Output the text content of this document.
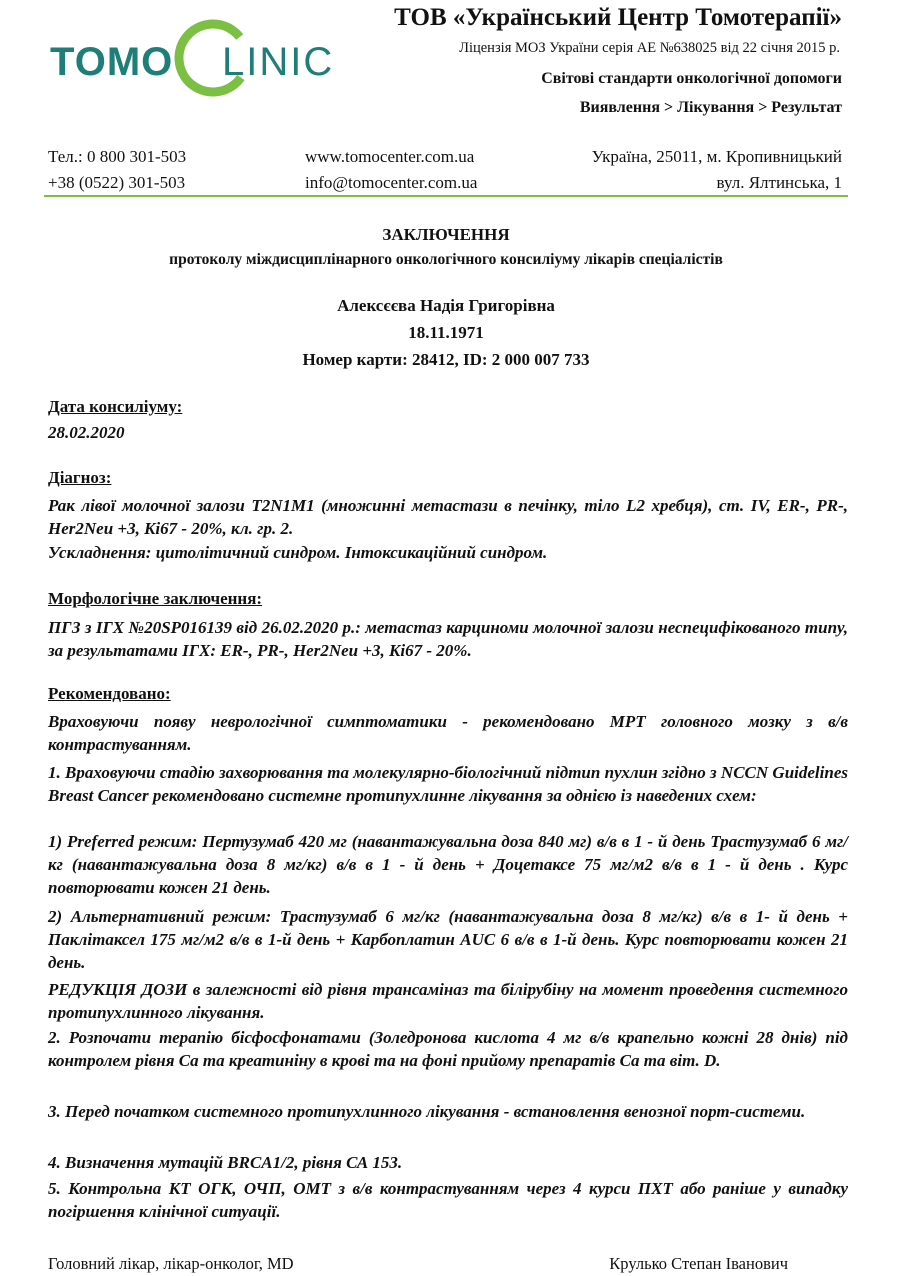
TOMO LINIC
ТОВ «Український Центр Томотерапії»
Ліцензія МОЗ України серія АЕ №638025 від 22 січня 2015 р.
Світові стандарти онкологічної допомоги
Виявлення > Лікування > Результат
Тел.: 0 800 301-503
+38 (0522) 301-503
www.tomocenter.com.ua
info@tomocenter.com.ua
Україна, 25011, м. Кропивницький
вул. Ялтинська, 1
ЗАКЛЮЧЕННЯ
протоколу міждисциплінарного онкологічного консиліуму лікарів спеціалістів
Алексєєва Надія Григорівна
18.11.1971
Номер карти: 28412, ID: 2 000 007 733
Дата консиліуму:
28.02.2020
Діагноз:
Рак лівої молочної залози T2N1M1 (множинні метастази в печінку, тіло L2 хребця), ст. IV, ER-, PR-, Her2Neu +3, Ki67 - 20%, кл. гр. 2.
Ускладнення: цитолітичний синдром. Інтоксикаційний синдром.
Морфологічне заключення:
ПГЗ з ІГХ №20SP016139 від 26.02.2020 р.: метастаз карциноми молочної залози неспецифікованого типу, за результатами ІГХ: ER-, PR-, Her2Neu +3, Ki67 - 20%.
Рекомендовано:
Враховуючи появу неврологічної симптоматики - рекомендовано МРТ головного мозку з в/в контрастуванням.
1. Враховуючи стадію захворювання та молекулярно-біологічний підтип пухлин згідно з NCCN Guidelines Breast Cancer рекомендовано системне протипухлинне лікування за однією із наведених схем:
1) Preferred режим: Пертузумаб 420 мг (навантажувальна доза 840 мг) в/в в 1 - й день Трастузумаб 6 мг/кг (навантажувальна доза 8 мг/кг) в/в в 1 - й день + Доцетаксе 75 мг/м2 в/в в 1 - й день . Курс повторювати кожен 21 день.
2) Альтернативний режим: Трастузумаб 6 мг/кг (навантажувальна доза 8 мг/кг) в/в в 1- й день + Паклітаксел 175 мг/м2 в/в в 1-й день + Карбоплатин AUC 6 в/в в 1-й день. Курс повторювати кожен 21 день.
РЕДУКЦІЯ ДОЗИ в залежності від рівня трансаміназ та білірубіну на момент проведення системного протипухлинного лікування.
2. Розпочати терапію бісфосфонатами (Золедронова кислота 4 мг в/в крапельно кожні 28 днів) під контролем рівня Са та креатиніну в крові та на фоні прийому препаратів Са та віт. D.
3. Перед початком системного протипухлинного лікування - встановлення венозної порт-системи.
4. Визначення мутацій BRCA1/2, рівня СА 153.
5. Контрольна КТ ОГК, ОЧП, ОМТ з в/в контрастуванням через 4 курси ПХТ або раніше у випадку погіршення клінічної ситуації.
Головний лікар, лікар-онколог, MD	Крулько Степан Іванович
